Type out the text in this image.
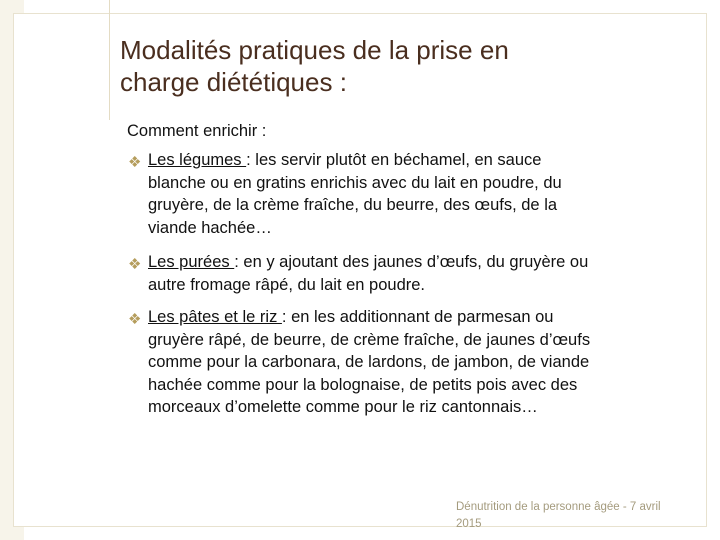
Modalités pratiques de la prise en
charge diététiques :
Comment enrichir :
❖ Les légumes : les servir plutôt en béchamel, en sauce
blanche ou en gratins enrichis avec du lait en poudre, du
gruyère, de la crème fraîche, du beurre, des œufs, de la
viande hachée…
❖ Les purées : en y ajoutant des jaunes d’œufs, du gruyère ou
autre fromage râpé, du lait en poudre.
❖ Les pâtes et le riz : en les additionnant de parmesan ou
gruyère râpé, de beurre, de crème fraîche, de jaunes d’œufs
comme pour la carbonara, de lardons, de jambon, de viande
hachée comme pour la bolognaise, de petits pois avec des
morceaux d’omelette comme pour le riz cantonnais…
Dénutrition de la personne âgée - 7 avril
2015
